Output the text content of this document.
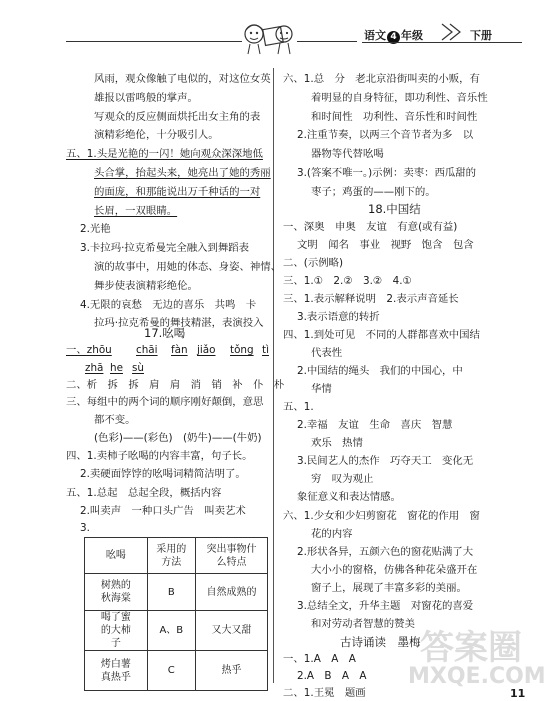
语文 4 年级	下册
风雨，观众像触了电似的，对这位女英
雄报以雷鸣般的掌声。
写观众的反应侧面烘托出女主角的表
演精彩绝伦，十分吸引人。
五、1.头是光艳的一闪！她向观众深深地低
头合掌，抬起头来，她亮出了她的秀丽
的面庞，和那能说出万千种话的一对
长眉，一双眼睛。
2.光艳
3.卡拉玛·拉克希曼完全融入到舞蹈表
演的故事中，用她的体态、身姿、神情、
舞步使表演精彩绝伦。
4.无限的哀愁　无边的喜乐　共鸣　卡
拉玛·拉克希曼的舞技精湛，表演投入
17.吆喝
一、zhōu chāi fàn jiǎo tǒng tì
zhā he sù
二、析　拆　拆　肩　肩　消　销　补　仆　朴
三、每组中的两个词的顺序刚好颠倒，意思
都不变。
(色彩)——(彩色)　(奶牛)——(牛奶)
四、1.卖柿子吆喝的内容丰富，句子长。
2.卖硬面饽饽的吆喝词精简洁明了。
五、1.总起　总起全段，概括内容
2.叫卖声　一种口头广告　叫卖艺术
3.
吆喝	采用的方法	突出事物什么特点
树熟的秋海棠	B	自然成熟的
喝了蜜的大柿子	A、B	又大又甜
烤白薯真热乎	C	热乎
六、1.总　分　老北京沿街叫卖的小贩，有
着明显的自身特征，即功利性、音乐性
和时间性　功利性、音乐性和时间性
2.注重节奏，以两三个音节者为多　以
器物等代替吆喝
3.(答案不唯一。)示例：卖枣：西瓜甜的
枣子；鸡蛋的——刚下的。
18.中国结
一、深奥　申奥　友谊　有意(或有益)
文明　闻名　事业　视野　饱含　包含
二、(示例略)
三、1.①　2.②　3.②　4.①
三、1.表示解释说明　2.表示声音延长
3.表示语意的转折
四、1.到处可见　不同的人群都喜欢中国结
代表性
2.中国结的绳头　我们的中国心，中
华情
五、1.
2.幸福　友谊　生命　喜庆　智慧
欢乐　热情
3.民间艺人的杰作　巧夺天工　变化无
穷　叹为观止
象征意义和表达情感。
六、1.少女和少妇剪窗花　窗花的作用　窗
花的内容
2.形状各异，五颜六色的窗花贴满了大
大小小的窗格，仿佛各种花朵盛开在
窗子上，展现了丰富多彩的美丽。
3.总结全文，升华主题　对窗花的喜爱
和对劳动者智慧的赞美
古诗诵读　墨梅
一、1.A　A　A
2.A　B　A　A
二、1.王冕　题画	11
答案圈
MXQE.COM
